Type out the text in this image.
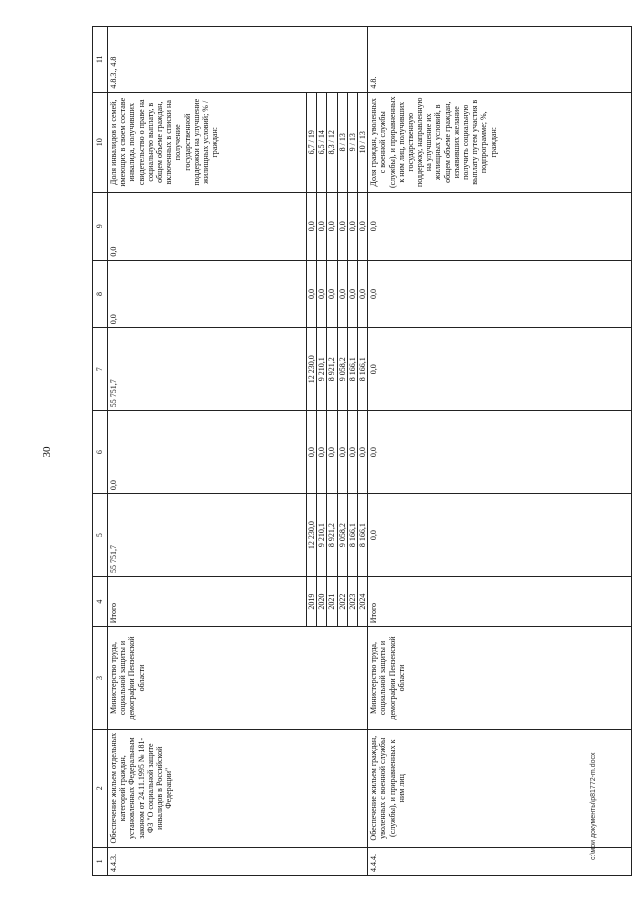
30
1	2	3	4	5	6	7	8	9	10	11
4.4.3.	Обеспечение жильем отдельных категорий граждан, установленных Федеральным законом от 24.11.1995 № 181-ФЗ "О социальной защите инвалидов в Российской Федерации"	Министерство труда, социальной защиты и демографии Пензенской области	Итого	55 751,7	0,0	55 751,7	0,0	0,0	Доля инвалидов и семей, имеющих в своем составе инвалида, получивших свидетельство о праве на социальную выплату, в общем объеме граждан, включенных в списки на получение государственной поддержки на улучшение жилищных условий; % / граждан:	4.8.3., 4.8
			2019	12 230,0	0,0	12 230,0	0,0	0,0	6,7 / 19	
			2020	9 210,1	0,0	9 210,1	0,0	0,0	6,5 / 14	
			2021	8 921,2	0,0	8 921,2	0,0	0,0	8,3 / 12	
			2022	9 058,2	0,0	9 058,2	0,0	0,0	8 / 13	
			2023	8 166,1	0,0	8 166,1	0,0	0,0	9 / 13	
			2024	8 166,1	0,0	8 166,1	0,0	0,0	10 / 13	
4.4.4.	Обеспечение жильем граждан, уволенных с военной службы (службы), и приравненных к ним лиц	Министерство труда, социальной защиты и демографии Пензенской области	Итого	0,0	0,0	0,0	0,0	0,0	Доля граждан, уволенных с военной службы (службы), и приравненных к ним лиц, получивших государственную поддержку, направленную на улучшение их жилищных условий, в общем объеме граждан, изъявивших желание получить социальную выплату путем участия в подпрограмме; %, граждан:	4.8.
c:\мои документы\p81772-m.docx
